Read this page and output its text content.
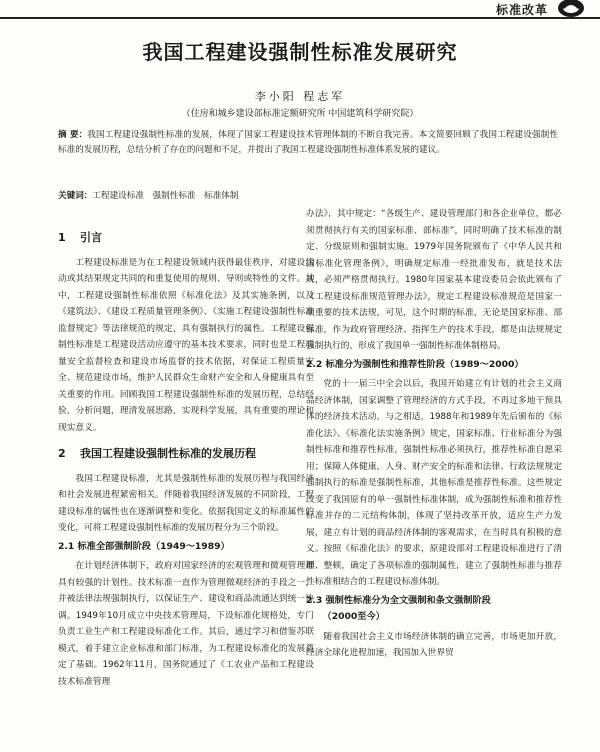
标准改革
我国工程建设强制性标准发展研究
李小阳 程志军
（住房和城乡建设部标准定额研究所 中国建筑科学研究院）
摘 要：我国工程建设强制性标准的发展，体现了国家工程建设技术管理体制的不断自我完善。本文简要回顾了我国工程建设强制性标准的发展历程，总结分析了存在的问题和不足，并提出了我国工程建设强制性标准体系发展的建议。
关键词：工程建设标准　强制性标准　标准体制
1 引言

工程建设标准是为在工程建设领域内获得最佳秩序，对建设活动或其结果规定共同的和重复使用的规则、导则或特性的文件。其中，工程建设强制性标准依照《标准化法》及其实施条例，以及《建筑法》、《建设工程质量管理条例》、《实施工程建设强制性标准监督规定》等法律规范的规定，具有强制执行的属性。工程建设强制性标准是工程建设活动应遵守的基本技术要求，同时也是工程质量安全监督检查和建设市场监督的技术依据，对保证工程质量安全、规范建设市场，维护人民群众生命财产安全和人身健康具有至关重要的作用。回顾我国工程建设强制性标准的发展历程，总结经验，分析问题，理清发展思路，实现科学发展，具有重要的理论和现实意义。

2 我国工程建设强制性标准的发展历程

我国工程建设标准，尤其是强制性标准的发展历程与我国经济和社会发展进程紧密相关。伴随着我国经济发展的不同阶段，工程建设标准的属性也在逐渐调整和变化。依据我国定义的标准属性的变化，可将工程建设强制性标准的发展历程分为三个阶段。

2.1 标准全部强制阶段（1949～1989）

在计划经济体制下，政府对国家经济的宏观管理和微观管理都具有较强的计划性。技术标准一直作为管理微观经济的手段之一，并被法律法规强制执行，以保证生产、建设和商品流通达到统一协调。1949年10月成立中央技术管理局，下设标准化规格处，专门负责工业生产和工程建设标准化工作。其后，通过学习和借鉴苏联模式，着手建立企业标准和部门标准，为工程建设标准化的发展奠定了基础。1962年11月，国务院通过了《工农业产品和工程建设技术标准管理

办法》，其中规定：“各级生产、建设管理部门和各企业单位，都必须贯彻执行有关的国家标准、部标准”，同时明确了技术标准的制定、分级原则和强制实施。1979年国务院颁布了《中华人民共和国标准化管理条例》，明确规定标准一经批准发布，就是技术法规，必须严格贯彻执行。1980年国家基本建设委员会依此颁布了《工程建设标准规范管理办法》，规定工程建设标准规范是国家一项重要的技术法规，可见，这个时期的标准，无论是国家标准、部标准，作为政府管理经济、指挥生产的技术手段，都是由法规规定强制执行的，形成了我国单一强制性标准体制格局。

2.2 标准分为强制性和推荐性阶段（1989～2000）

党的十一届三中全会以后，我国开始建立有计划的社会主义商品经济体制，国家调整了管理经济的方式手段，不再过多地干预具体的经济技术活动。与之相适，1988年和1989年先后颁布的《标准化法》、《标准化法实施条例》规定，国家标准、行业标准分为强制性标准和推荐性标准，强制性标准必须执行，推荐性标准自愿采用；保障人体健康，人身、财产安全的标准和法律、行政法规规定强制执行的标准是强制性标准，其他标准是推荐性标准。这些规定改变了我国原有的单一强制性标准体制，成为强制性标准和推荐性标准并存的二元结构体制，体现了坚持改革开放，适应生产力发展，建立有计划的商品经济体制的客观需求，在当时具有积极的意义。按照《标准化法》的要求，原建设部对工程建设标准进行了清理、整顿，确定了各项标准的强制属性，建立了强制性标准与推荐性标准相结合的工程建设标准体制。

2.3 强制性标准分为全文强制和条文强制阶段
（2000至今）

随着我国社会主义市场经济体制的确立完善，市场更加开放，经济全球化进程加速，我国加入世界贸
